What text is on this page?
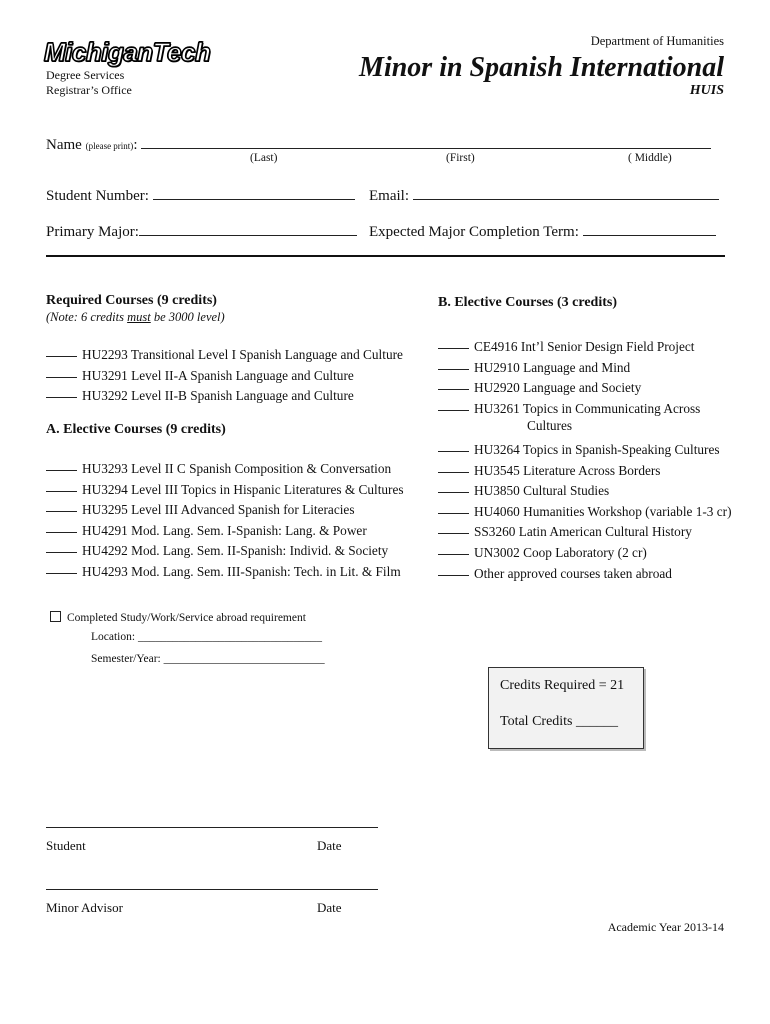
MichiganTech
Degree Services
Registrar’s Office
Department of Humanities
Minor in Spanish International
HUIS
Name (please print):
(Last)	(First)	( Middle)
Student Number:	Email:
Primary Major:	Expected Major Completion Term:
Required Courses (9 credits)
(Note: 6 credits must be 3000 level)
HU2293 Transitional Level I Spanish Language and Culture
HU3291 Level II-A Spanish Language and Culture
HU3292 Level II-B Spanish Language and Culture
A. Elective Courses (9 credits)
HU3293 Level II C Spanish Composition & Conversation
HU3294 Level III Topics in Hispanic Literatures & Cultures
HU3295 Level III Advanced Spanish for Literacies
HU4291 Mod. Lang. Sem. I-Spanish: Lang. & Power
HU4292 Mod. Lang. Sem. II-Spanish: Individ. & Society
HU4293 Mod. Lang. Sem. III-Spanish: Tech. in Lit. & Film
B. Elective Courses (3 credits)
CE4916 Int’l Senior Design Field Project
HU2910 Language and Mind
HU2920 Language and Society
HU3261 Topics in Communicating Across
Cultures
HU3264 Topics in Spanish-Speaking Cultures
HU3545 Literature Across Borders
HU3850 Cultural Studies
HU4060 Humanities Workshop (variable 1-3 cr)
SS3260 Latin American Cultural History
UN3002 Coop Laboratory (2 cr)
Other approved courses taken abroad
Completed Study/Work/Service abroad requirement
Location: ________________________________
Semester/Year: ____________________________
Credits Required = 21
Total Credits ______
Student	Date
Minor Advisor	Date
Academic Year 2013-14
